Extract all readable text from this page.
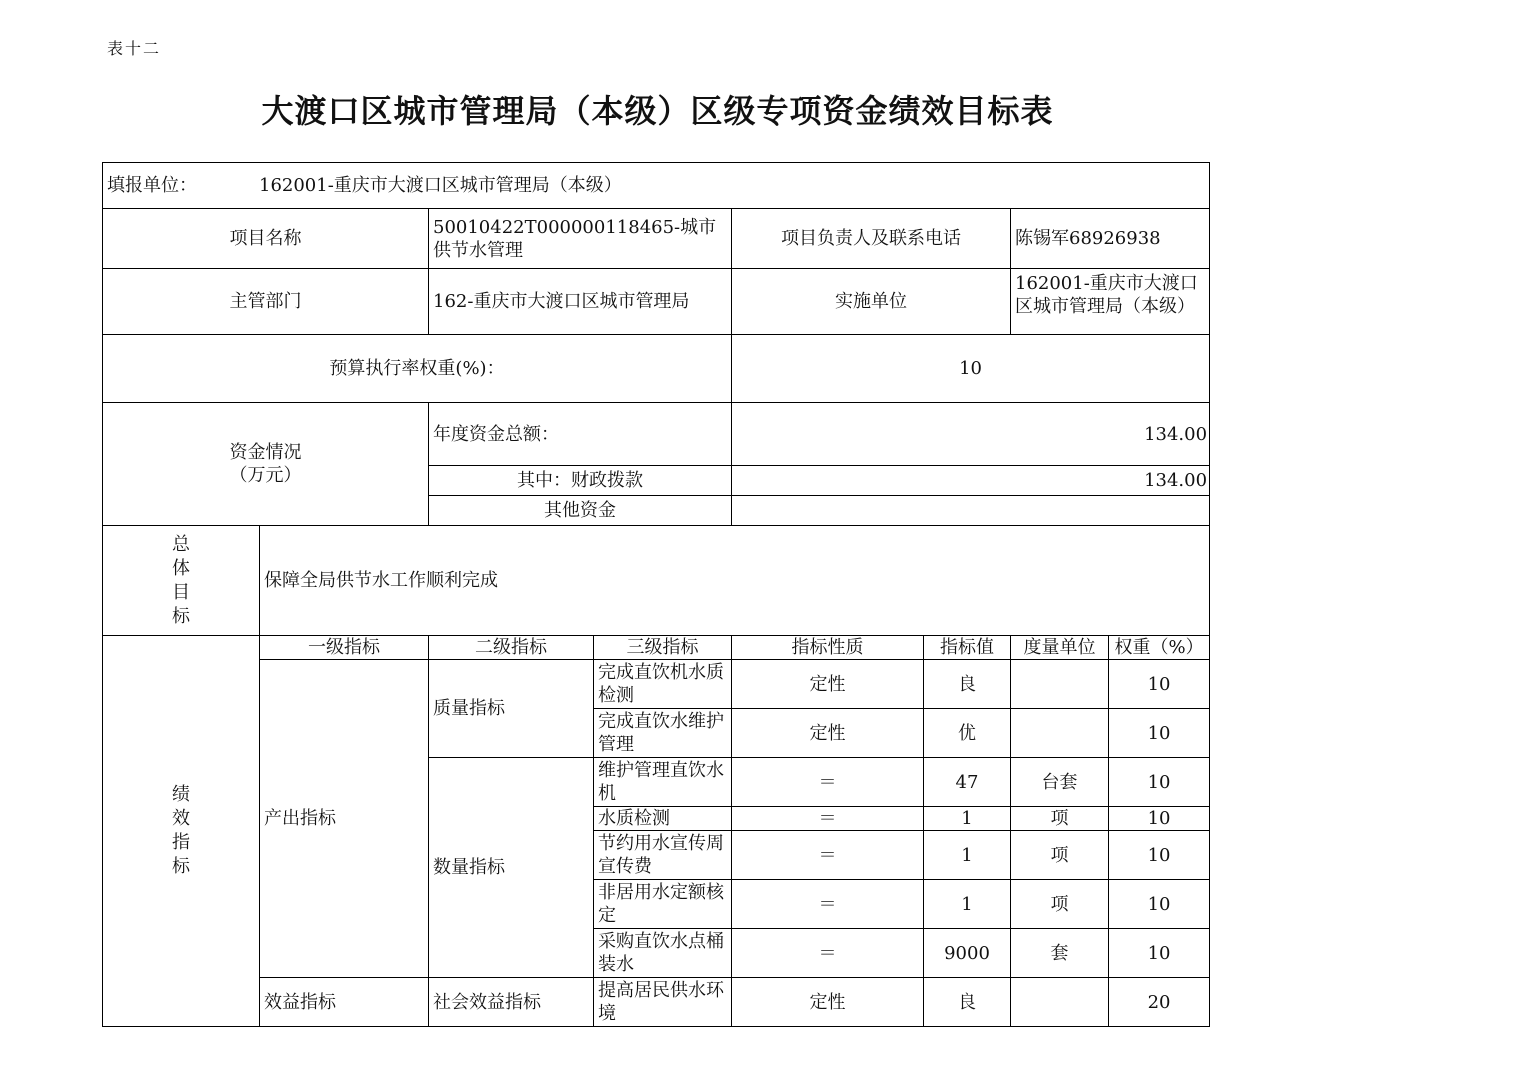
表十二
大渡口区城市管理局（本级）区级专项资金绩效目标表
填报单位： 162001-重庆市大渡口区城市管理局（本级）							
项目名称		50010422T000000118465-城市供节水管理		项目负责人及联系电话		陈锡军68926938	
主管部门		162-重庆市大渡口区城市管理局		实施单位		162001-重庆市大渡口区城市管理局（本级）	

预算执行率权重(%)：				10			

资金情况
（万元）		年度资金总额：		134.00			
		其中：财政拨款		134.00			
		其他资金					
总
体
目
标	保障全局供节水工作顺利完成						
绩
效
指
标	一级指标	二级指标	三级指标	指标性质	指标值	度量单位	权重（%）
	产出指标	质量指标	完成直饮机水质检测	定性	良		10
			完成直饮水维护管理	定性	优		10
		数量指标	维护管理直饮水机	＝	47	台套	10
			水质检测	＝	1	项	10
			节约用水宣传周宣传费	＝	1	项	10
			非居用水定额核定	＝	1	项	10
			采购直饮水点桶装水	＝	9000	套	10
	效益指标	社会效益指标	提高居民供水环境	定性	良		20
